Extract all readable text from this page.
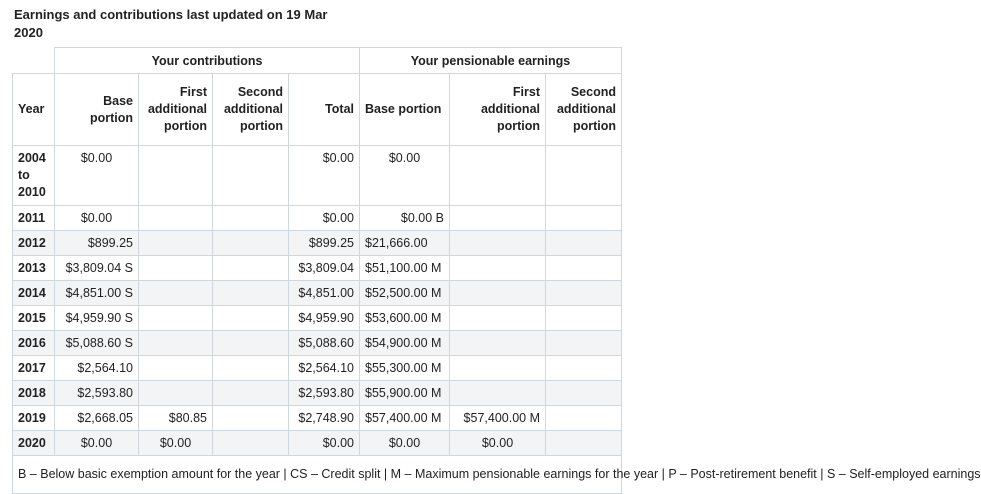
Earnings and contributions last updated on 19 Mar 2020
	Your contributions				Your pensionable earnings		
Year	Base portion	First additional portion	Second additional portion	Total	Base portion	First additional portion	Second additional portion
2004 to 2010	$0.00			$0.00	$0.00		
2011	$0.00			$0.00	$0.00 B		
2012	$899.25			$899.25	$21,666.00		
2013	$3,809.04 S			$3,809.04	$51,100.00 M		
2014	$4,851.00 S			$4,851.00	$52,500.00 M		
2015	$4,959.90 S			$4,959.90	$53,600.00 M		
2016	$5,088.60 S			$5,088.60	$54,900.00 M		
2017	$2,564.10			$2,564.10	$55,300.00 M		
2018	$2,593.80			$2,593.80	$55,900.00 M		
2019	$2,668.05	$80.85		$2,748.90	$57,400.00 M	$57,400.00 M	
2020	$0.00	$0.00		$0.00	$0.00	$0.00	
B – Below basic exemption amount for the year | CS – Credit split | M – Maximum pensionable earnings for the year | P – Post-retirement benefit | S – Self-employed earnings							
